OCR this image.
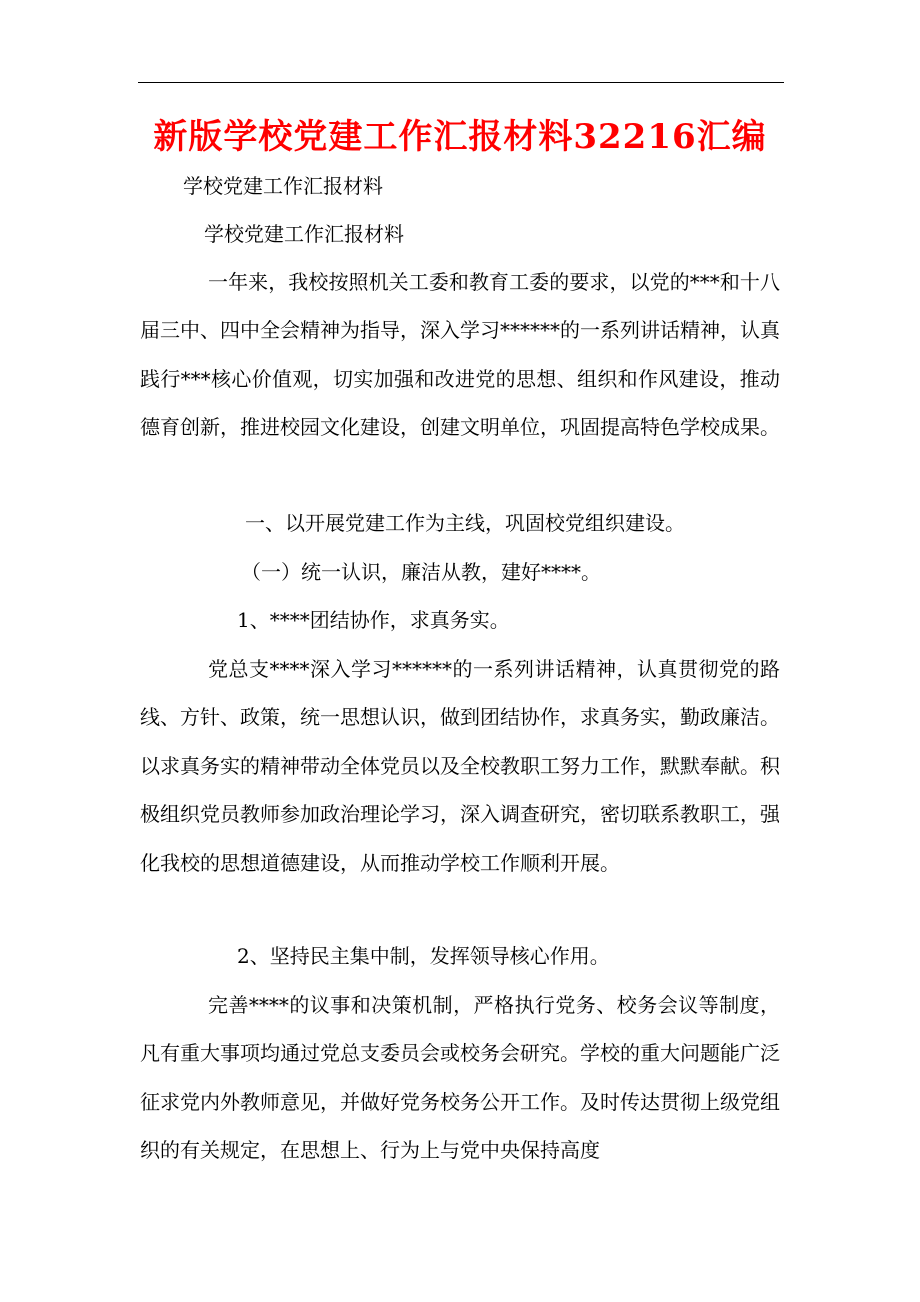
新版学校党建工作汇报材料32216汇编
学校党建工作汇报材料
学校党建工作汇报材料
一年来，我校按照机关工委和教育工委的要求，以党的***和十八届三中、四中全会精神为指导，深入学习******的一系列讲话精神，认真践行***核心价值观，切实加强和改进党的思想、组织和作风建设，推动德育创新，推进校园文化建设，创建文明单位，巩固提高特色学校成果。
一、以开展党建工作为主线，巩固校党组织建设。
（一）统一认识，廉洁从教，建好****。
1、****团结协作，求真务实。
党总支****深入学习******的一系列讲话精神，认真贯彻党的路线、方针、政策，统一思想认识，做到团结协作，求真务实，勤政廉洁。以求真务实的精神带动全体党员以及全校教职工努力工作，默默奉献。积极组织党员教师参加政治理论学习，深入调查研究，密切联系教职工，强化我校的思想道德建设，从而推动学校工作顺利开展。
2、坚持民主集中制，发挥领导核心作用。
完善****的议事和决策机制，严格执行党务、校务会议等制度，凡有重大事项均通过党总支委员会或校务会研究。学校的重大问题能广泛征求党内外教师意见，并做好党务校务公开工作。及时传达贯彻上级党组织的有关规定，在思想上、行为上与党中央保持高度
